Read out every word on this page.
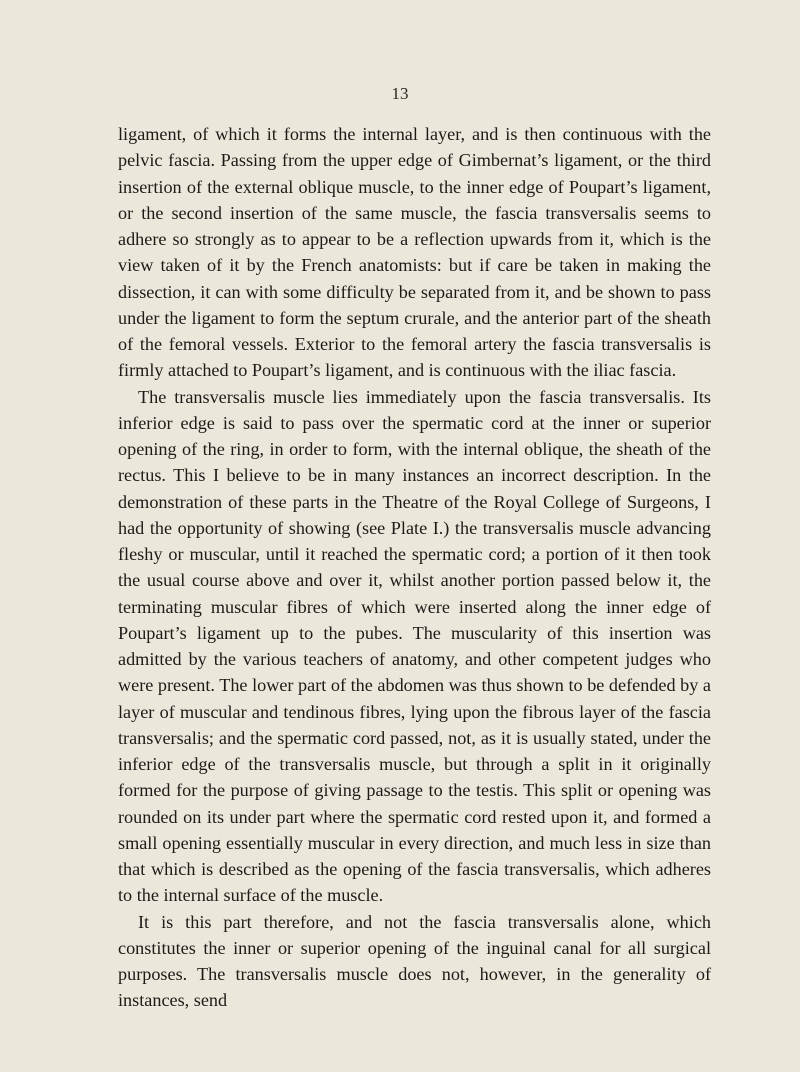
13

ligament, of which it forms the internal layer, and is then continuous with the pelvic fascia. Passing from the upper edge of Gimbernat’s ligament, or the third insertion of the external oblique muscle, to the inner edge of Poupart’s ligament, or the second insertion of the same muscle, the fascia transversalis seems to adhere so strongly as to appear to be a reflection upwards from it, which is the view taken of it by the French anatomists: but if care be taken in making the dissection, it can with some difficulty be separated from it, and be shown to pass under the ligament to form the septum crurale, and the anterior part of the sheath of the femoral vessels. Exterior to the femoral artery the fascia transversalis is firmly attached to Poupart’s ligament, and is continuous with the iliac fascia.

The transversalis muscle lies immediately upon the fascia transversalis. Its inferior edge is said to pass over the spermatic cord at the inner or superior opening of the ring, in order to form, with the internal oblique, the sheath of the rectus. This I believe to be in many instances an incorrect description. In the demonstration of these parts in the Theatre of the Royal College of Surgeons, I had the opportunity of showing (see Plate I.) the transversalis muscle advancing fleshy or muscular, until it reached the spermatic cord; a portion of it then took the usual course above and over it, whilst another portion passed below it, the terminating muscular fibres of which were inserted along the inner edge of Poupart’s ligament up to the pubes. The muscularity of this insertion was admitted by the various teachers of anatomy, and other competent judges who were present. The lower part of the abdomen was thus shown to be defended by a layer of muscular and tendinous fibres, lying upon the fibrous layer of the fascia transversalis; and the spermatic cord passed, not, as it is usually stated, under the inferior edge of the transversalis muscle, but through a split in it originally formed for the purpose of giving passage to the testis. This split or opening was rounded on its under part where the spermatic cord rested upon it, and formed a small opening essentially muscular in every direction, and much less in size than that which is described as the opening of the fascia transversalis, which adheres to the internal surface of the muscle.

It is this part therefore, and not the fascia transversalis alone, which constitutes the inner or superior opening of the inguinal canal for all surgical purposes. The transversalis muscle does not, however, in the generality of instances, send
